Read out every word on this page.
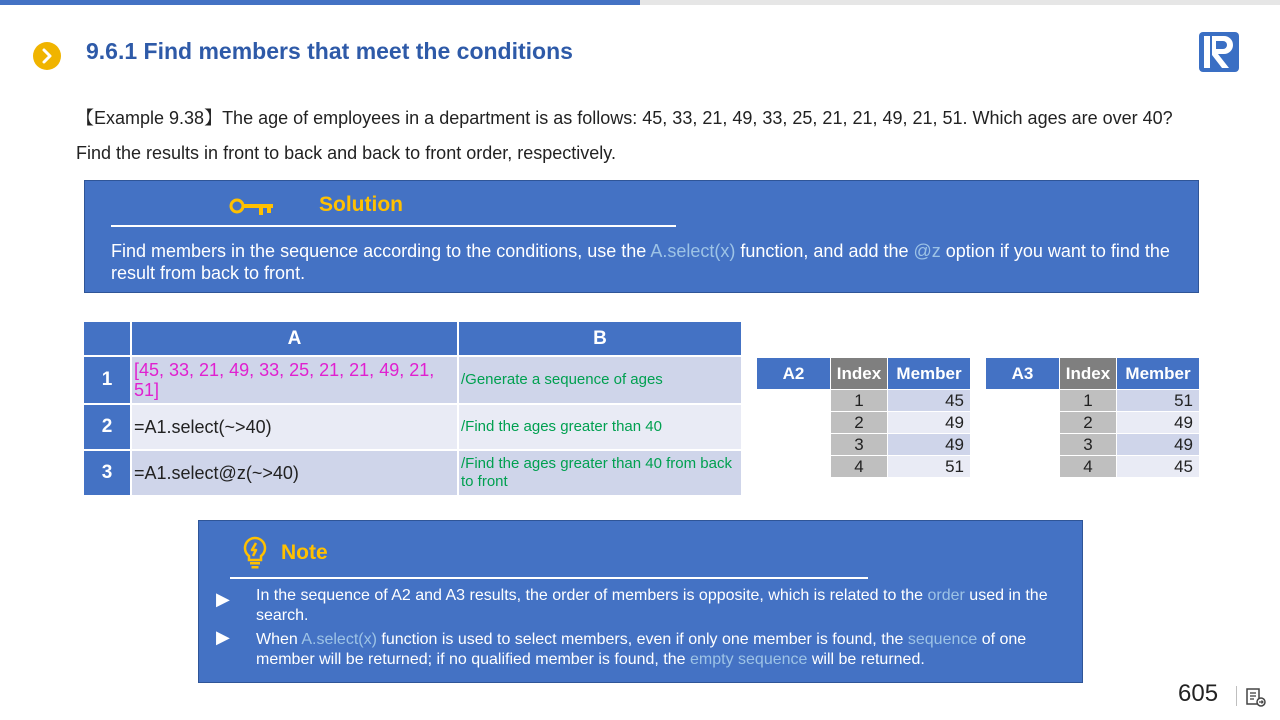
9.6.1 Find members that meet the conditions
【Example 9.38】The age of employees in a department is as follows: 45, 33, 21, 49, 33, 25, 21, 21, 49, 21, 51. Which ages are over 40? Find the results in front to back and back to front order, respectively.
Solution
Find members in the sequence according to the conditions, use the A.select(x) function, and add the @z option if you want to find the result from back to front.
	A	B
1	[45, 33, 21, 49, 33, 25, 21, 21, 49, 21, 51]	/Generate a sequence of ages
2	=A1.select(~>40)	/Find the ages greater than 40
3	=A1.select@z(~>40)	/Find the ages greater than 40 from back to front
A2	Index	Member
	1	45
	2	49
	3	49
	4	51
A3	Index	Member
	1	51
	2	49
	3	49
	4	45
Note
▶ In the sequence of A2 and A3 results, the order of members is opposite, which is related to the order used in the search.
▶ When A.select(x) function is used to select members, even if only one member is found, the sequence of one member will be returned; if no qualified member is found, the empty sequence will be returned.
605
